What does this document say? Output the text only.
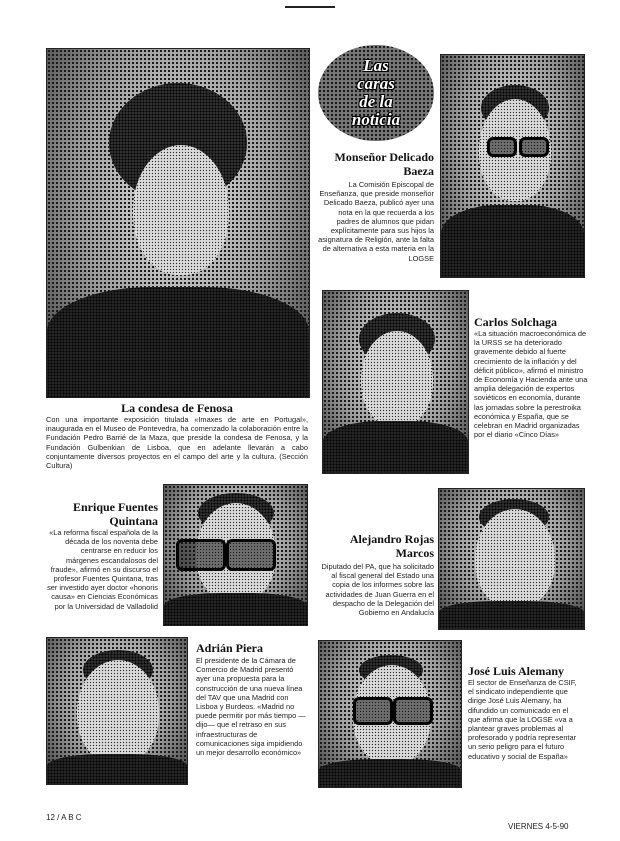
La condesa de Fenosa
Con una importante exposición titulada «Imaxes de arte en Portugal», inaugurada en el Museo de Pontevedra, ha comenzado la colaboración entre la Fundación Pedro Barrié de la Maza, que preside la condesa de Fenosa, y la Fundación Gulbenkian de Lisboa, que en adelante llevarán a cabo conjuntamente diversos proyectos en el campo del arte y la cultura. (Sección Cultura)
Las
caras
de la
noticia
Monseñor Delicado Baeza
La Comisión Episcopal de Enseñanza, que preside monseñor Delicado Baeza, publicó ayer una nota en la que recuerda a los padres de alumnos que pidan explícitamente para sus hijos la asignatura de Religión, ante la falta de alternativa a esta materia en la LOGSE
Carlos Solchaga
«La situación macroeconómica de la URSS se ha deteriorado gravemente debido al fuerte crecimiento de la inflación y del déficit público», afirmó el ministro de Economía y Hacienda ante una amplia delegación de expertos soviéticos en economía, durante las jornadas sobre la perestroika económica y España, que se celebran en Madrid organizadas por el diario «Cinco Días»
Enrique Fuentes Quintana
«La reforma fiscal española de la década de los noventa debe centrarse en reducir los márgenes escandalosos del fraude», afirmó en su discurso el profesor Fuentes Quintana, tras ser investido ayer doctor «honoris causa» en Ciencias Económicas por la Universidad de Valladolid
Alejandro Rojas Marcos
Diputado del PA, que ha solicitado al fiscal general del Estado una copia de los informes sobre las actividades de Juan Guerra en el despacho de la Delegación del Gobierno en Andalucía
Adrián Piera
El presidente de la Cámara de Comercio de Madrid presentó ayer una propuesta para la construcción de una nueva línea del TAV que una Madrid con Lisboa y Burdeos. «Madrid no puede permitir por más tiempo —dijo— que el retraso en sus infraestructuras de comunicaciones siga impidiendo un mejor desarrollo económico»
José Luis Alemany
El sector de Enseñanza de CSIF, el sindicato independiente que dirige José Luis Alemany, ha difundido un comunicado en el que afirma que la LOGSE «va a plantear graves problemas al profesorado y podría representar un serio peligro para el futuro educativo y social de España»
12 / A B C
VIERNES 4-5-90
